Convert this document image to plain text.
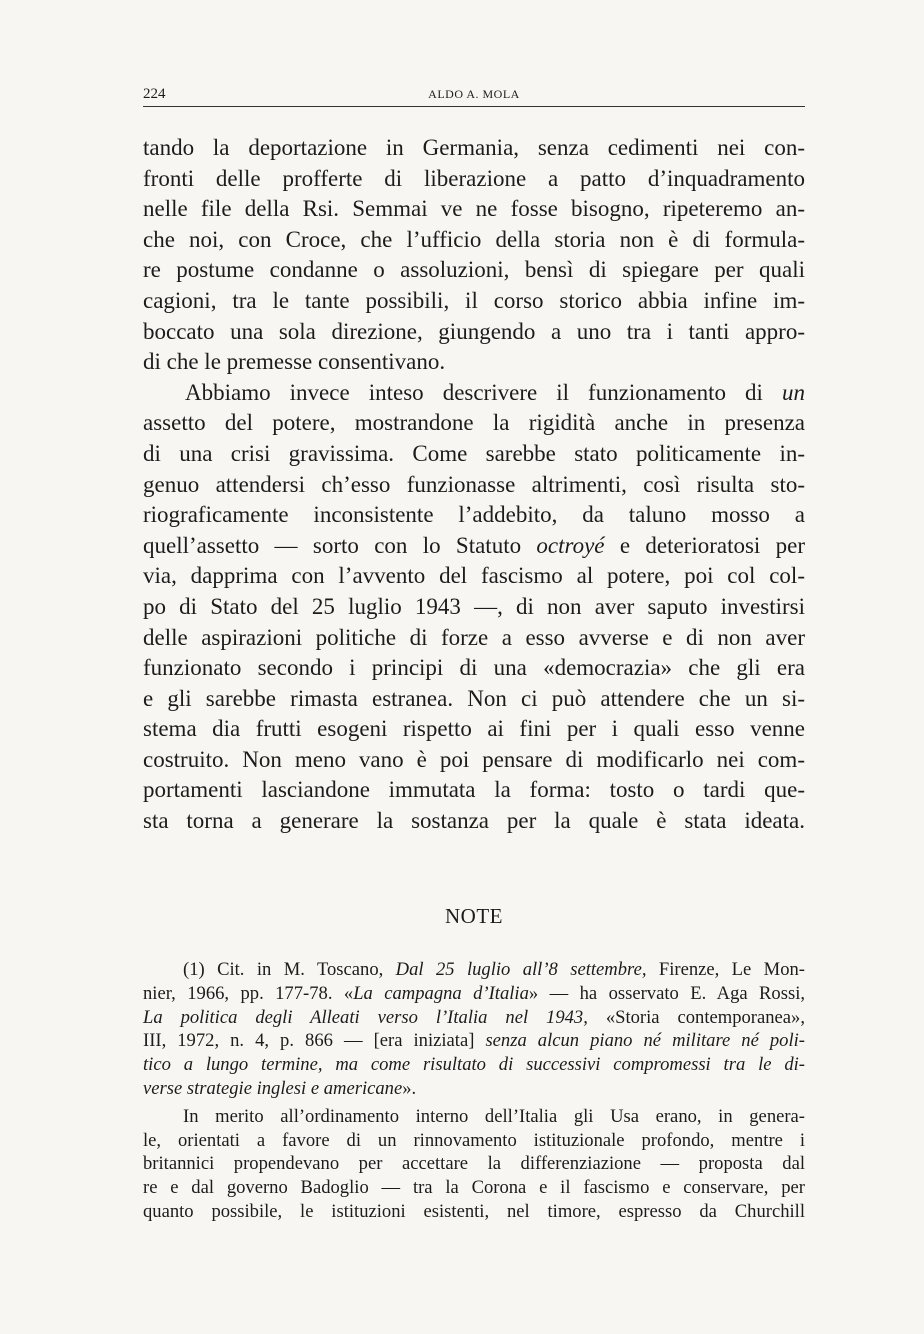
224	ALDO A. MOLA
tando la deportazione in Germania, senza cedimenti nei con-
fronti delle profferte di liberazione a patto d’inquadramento
nelle file della Rsi. Semmai ve ne fosse bisogno, ripeteremo an-
che noi, con Croce, che l’ufficio della storia non è di formula-
re postume condanne o assoluzioni, bensì di spiegare per quali
cagioni, tra le tante possibili, il corso storico abbia infine im-
boccato una sola direzione, giungendo a uno tra i tanti appro-
di che le premesse consentivano.
Abbiamo invece inteso descrivere il funzionamento di un
assetto del potere, mostrandone la rigidità anche in presenza
di una crisi gravissima. Come sarebbe stato politicamente in-
genuo attendersi ch’esso funzionasse altrimenti, così risulta sto-
riograficamente inconsistente l’addebito, da taluno mosso a
quell’assetto — sorto con lo Statuto octroyé e deterioratosi per
via, dapprima con l’avvento del fascismo al potere, poi col col-
po di Stato del 25 luglio 1943 —, di non aver saputo investirsi
delle aspirazioni politiche di forze a esso avverse e di non aver
funzionato secondo i principi di una «democrazia» che gli era
e gli sarebbe rimasta estranea. Non ci può attendere che un si-
stema dia frutti esogeni rispetto ai fini per i quali esso venne
costruito. Non meno vano è poi pensare di modificarlo nei com-
portamenti lasciandone immutata la forma: tosto o tardi que-
sta torna a generare la sostanza per la quale è stata ideata.
NOTE
(1) Cit. in M. Toscano, Dal 25 luglio all’8 settembre, Firenze, Le Mon-
nier, 1966, pp. 177-78. «La campagna d’Italia» — ha osservato E. Aga Rossi,
La politica degli Alleati verso l’Italia nel 1943, «Storia contemporanea»,
III, 1972, n. 4, p. 866 — [era iniziata] senza alcun piano né militare né poli-
tico a lungo termine, ma come risultato di successivi compromessi tra le di-
verse strategie inglesi e americane».
In merito all’ordinamento interno dell’Italia gli Usa erano, in genera-
le, orientati a favore di un rinnovamento istituzionale profondo, mentre i
britannici propendevano per accettare la differenziazione — proposta dal
re e dal governo Badoglio — tra la Corona e il fascismo e conservare, per
quanto possibile, le istituzioni esistenti, nel timore, espresso da Churchill
